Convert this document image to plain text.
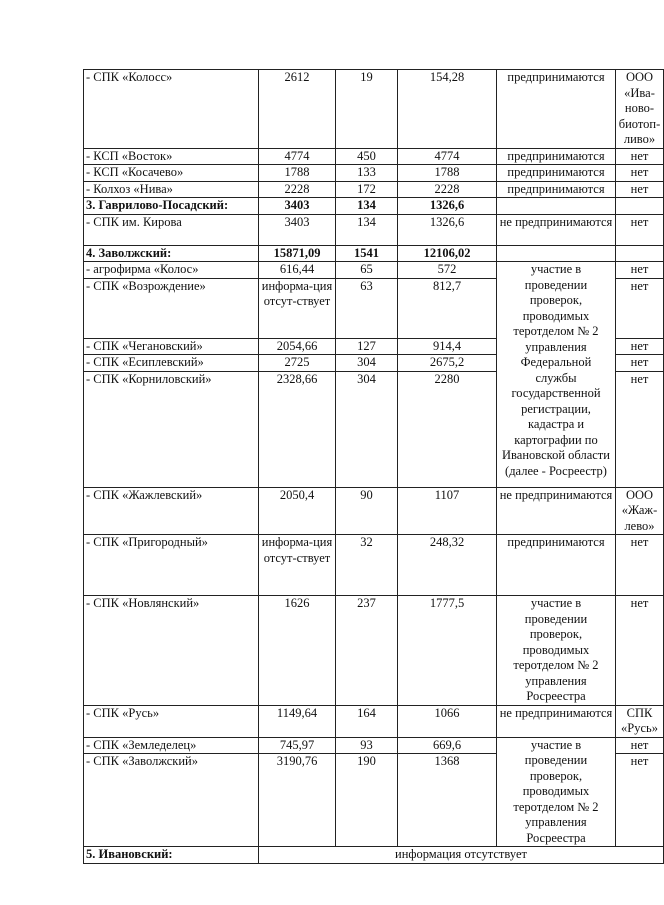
- СПК «Колосс»	2612	19	154,28	предпринимаются	ООО «Ива-ново-биотоп-ливо»
- КСП «Восток»	4774	450	4774	предпринимаются	нет
- КСП «Косачево»	1788	133	1788	предпринимаются	нет
- Колхоз «Нива»	2228	172	2228	предпринимаются	нет
3. Гаврилово-Посадский:	3403	134	1326,6		
- СПК им. Кирова	3403	134	1326,6	не предпринимаются	нет
4. Заволжский:	15871,09	1541	12106,02		
- агрофирма «Колос»	616,44	65	572	участие в проведении проверок, проводимых теротделом № 2 управления Федеральной службы государственной регистрации, кадастра и картографии по Ивановской области (далее - Росреестр)	нет
- СПК «Возрождение»	информа-ция отсут-ствует	63	812,7		нет
- СПК «Чегановский»	2054,66	127	914,4		нет
- СПК «Есиплевский»	2725	304	2675,2		нет
- СПК «Корниловский»	2328,66	304	2280		нет
- СПК «Жажлевский»	2050,4	90	1107	не предпринимаются	ООО «Жаж-лево»
- СПК «Пригородный»	информа-ция отсут-ствует	32	248,32	предпринимаются	нет
- СПК «Новлянский»	1626	237	1777,5	участие в проведении проверок, проводимых теротделом № 2 управления Росреестра	нет
- СПК «Русь»	1149,64	164	1066	не предпринимаются	СПК «Русь»
- СПК «Земледелец»	745,97	93	669,6	участие в проведении проверок, проводимых теротделом № 2 управления Росреестра	нет
- СПК «Заволжский»	3190,76	190	1368		нет
5. Ивановский:	информация отсутствует				
